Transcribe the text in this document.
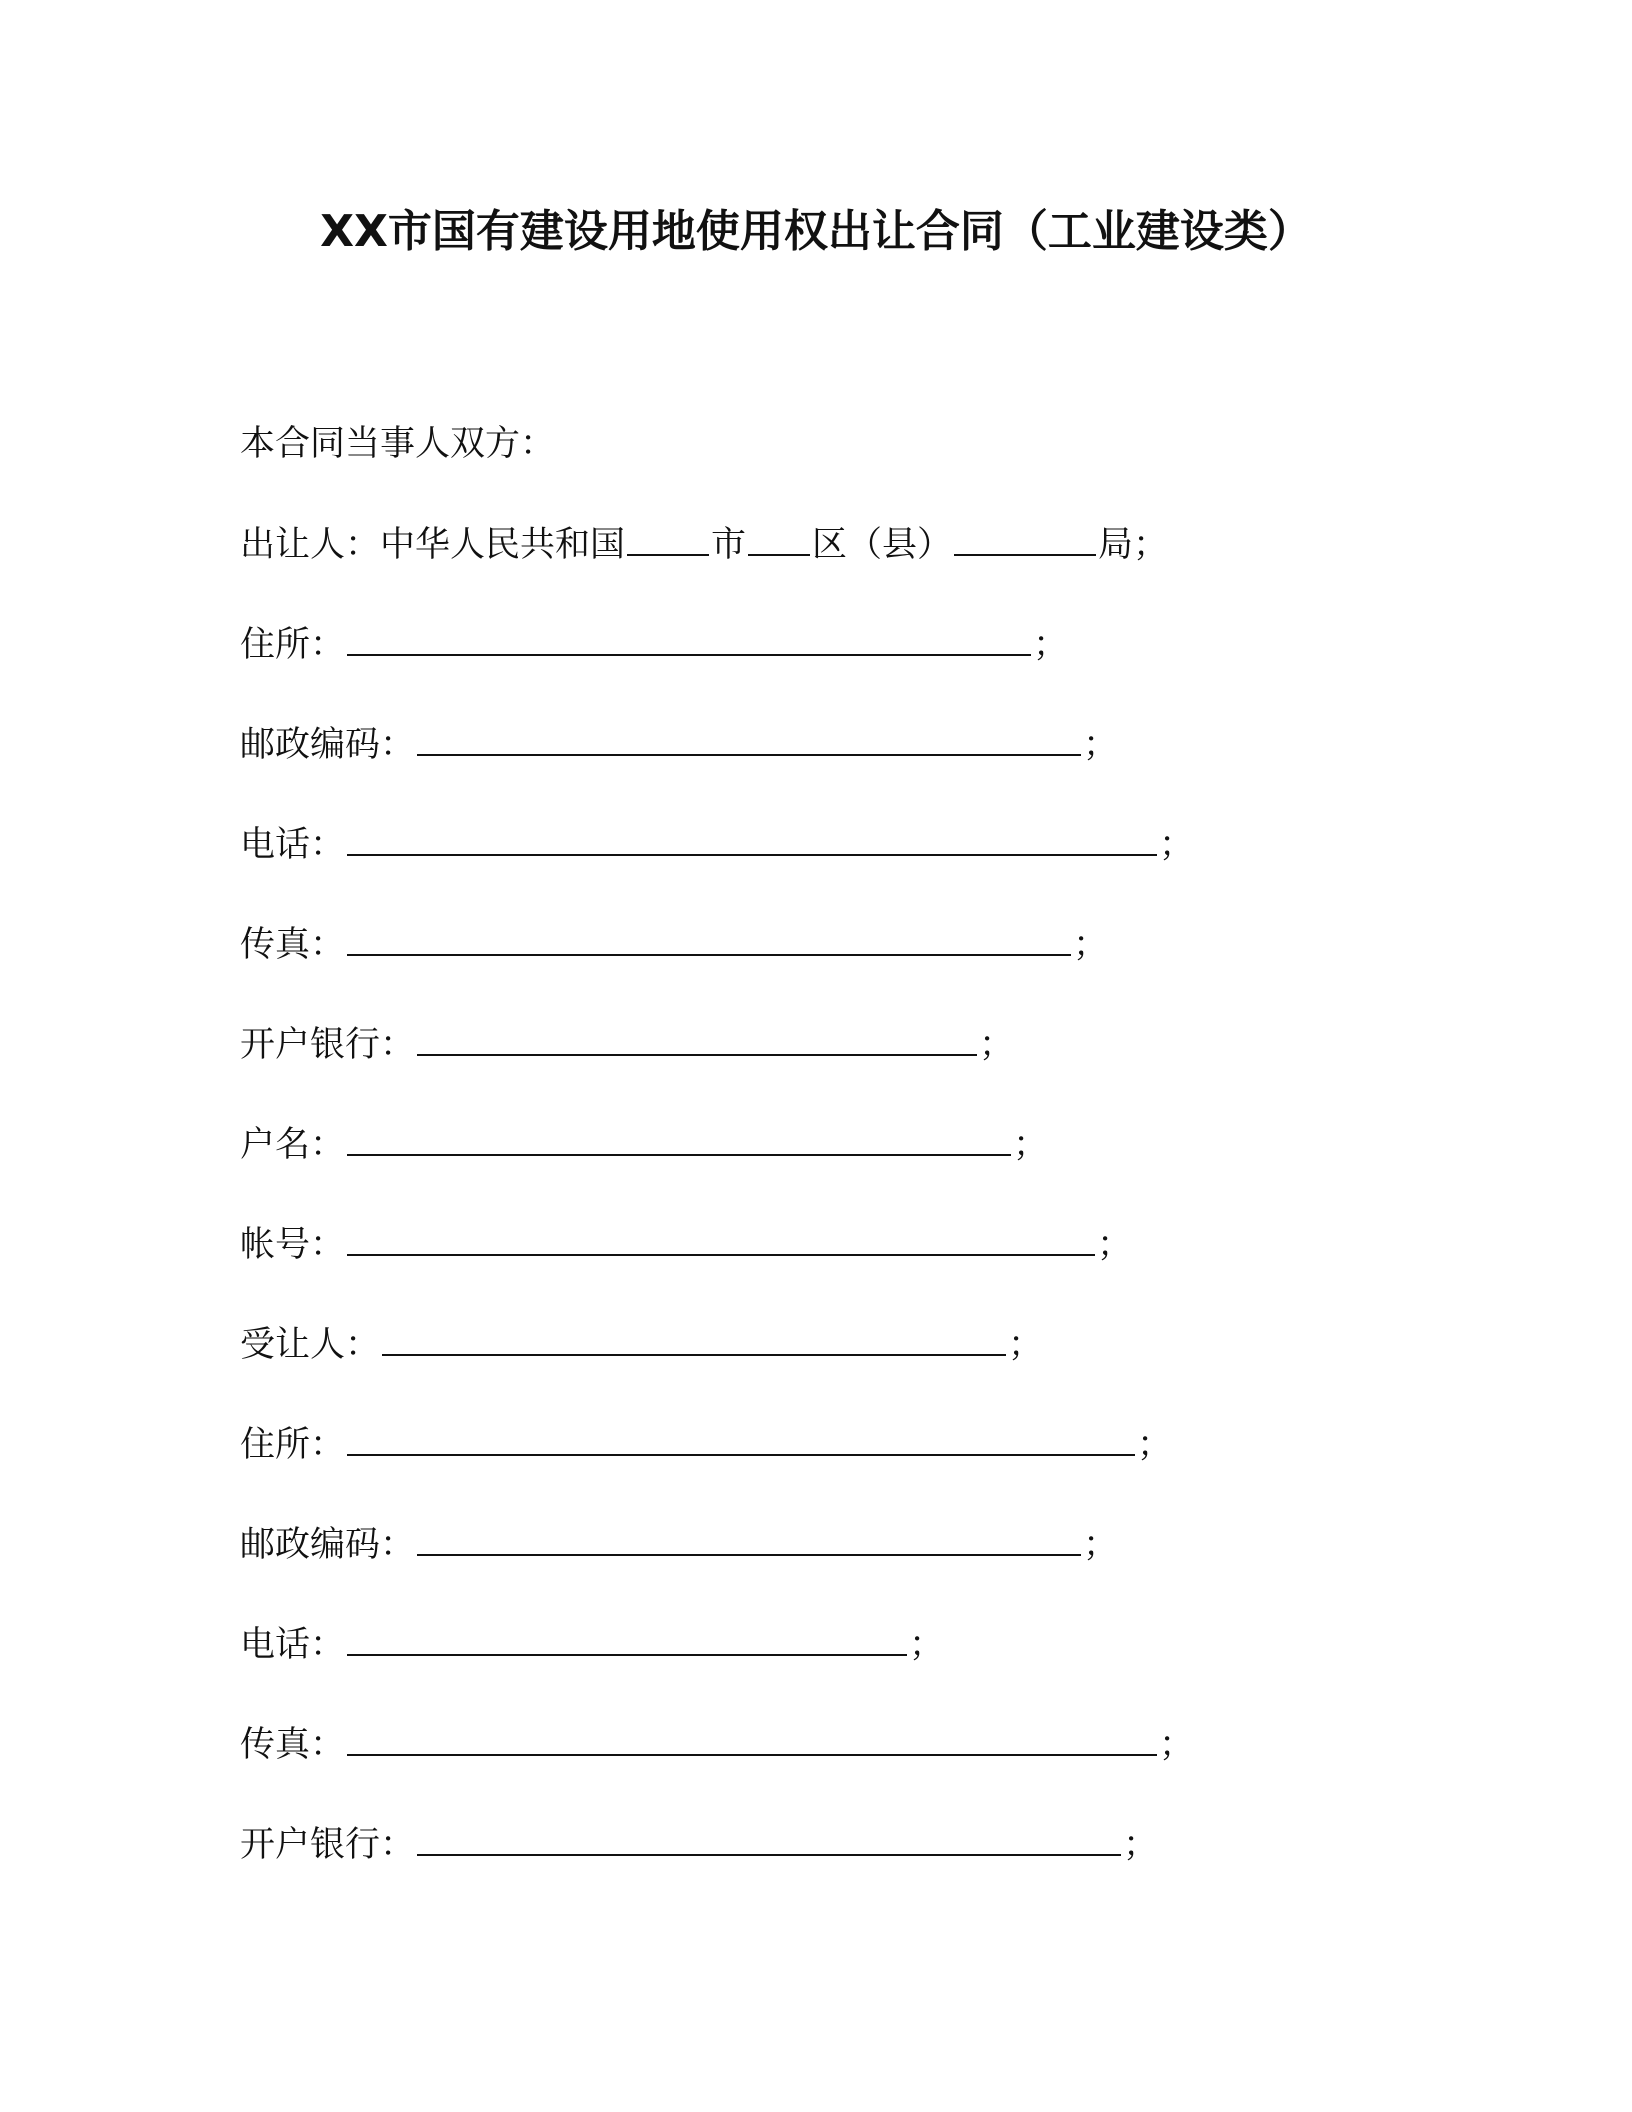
XX市国有建设用地使用权出让合同（工业建设类）
本合同当事人双方：
出让人：中华人民共和国 市 区（县）	局；
住所：	；
邮政编码：	；
电话：	；
传真：	；
开户银行：	；
户名：	；
帐号：	；
受让人：	；
住所：	；
邮政编码：	；
电话：	；
传真：	；
开户银行：	；
